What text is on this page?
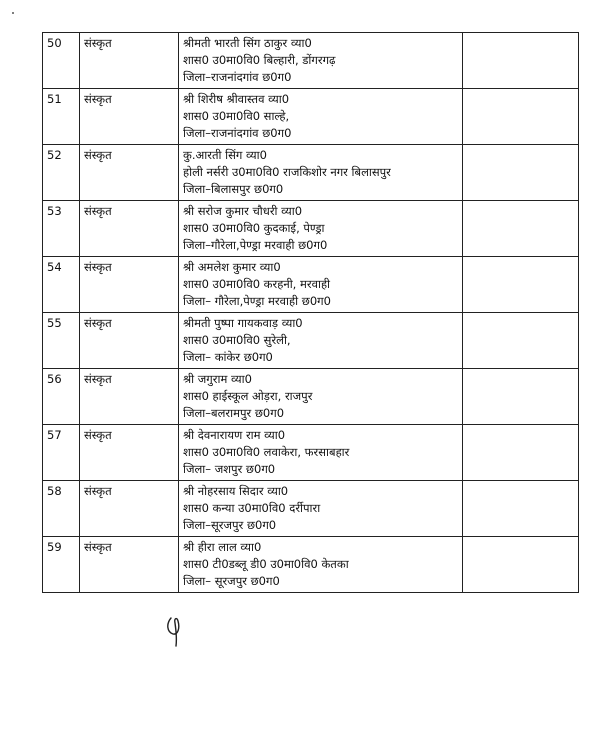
50	संस्कृत	श्रीमती भारती सिंग ठाकुर व्या0
शास0 उ0मा0वि0 बिल्हारी, डोंगरगढ़
जिला–राजनांदगांव छ0ग0	

51	संस्कृत	श्री शिरीष श्रीवास्तव व्या0
शास0 उ0मा0वि0 साल्हे,
जिला–राजनांदगांव छ0ग0	

52	संस्कृत	कु.आरती सिंग व्या0
होली नर्सरी उ0मा0वि0 राजकिशोर नगर बिलासपुर
जिला–बिलासपुर छ0ग0	

53	संस्कृत	श्री सरोज कुमार चौधरी व्या0
शास0 उ0मा0वि0 कुदकाई, पेण्ड्रा
जिला–गौरेला,पेण्ड्रा मरवाही छ0ग0	

54	संस्कृत	श्री अमलेश कुमार व्या0
शास0 उ0मा0वि0 करहनी, मरवाही
जिला– गौरेला,पेण्ड्रा मरवाही छ0ग0	

55	संस्कृत	श्रीमती पुष्पा गायकवाड़ व्या0
शास0 उ0मा0वि0 सुरेली,
जिला– कांकेर छ0ग0	

56	संस्कृत	श्री जगुराम व्या0
शास0 हाईस्कूल ओड़रा, राजपुर
जिला–बलरामपुर छ0ग0	

57	संस्कृत	श्री देवनारायण राम व्या0
शास0 उ0मा0वि0 लवाकेरा, फरसाबहार
जिला– जशपुर छ0ग0	

58	संस्कृत	श्री नोहरसाय सिदार व्या0
शास0 कन्या उ0मा0वि0 दर्रीपारा
जिला–सूरजपुर छ0ग0	

59	संस्कृत	श्री हीरा लाल व्या0
शास0 टी0डब्लू डी0 उ0मा0वि0 केतका
जिला– सूरजपुर छ0ग0	
